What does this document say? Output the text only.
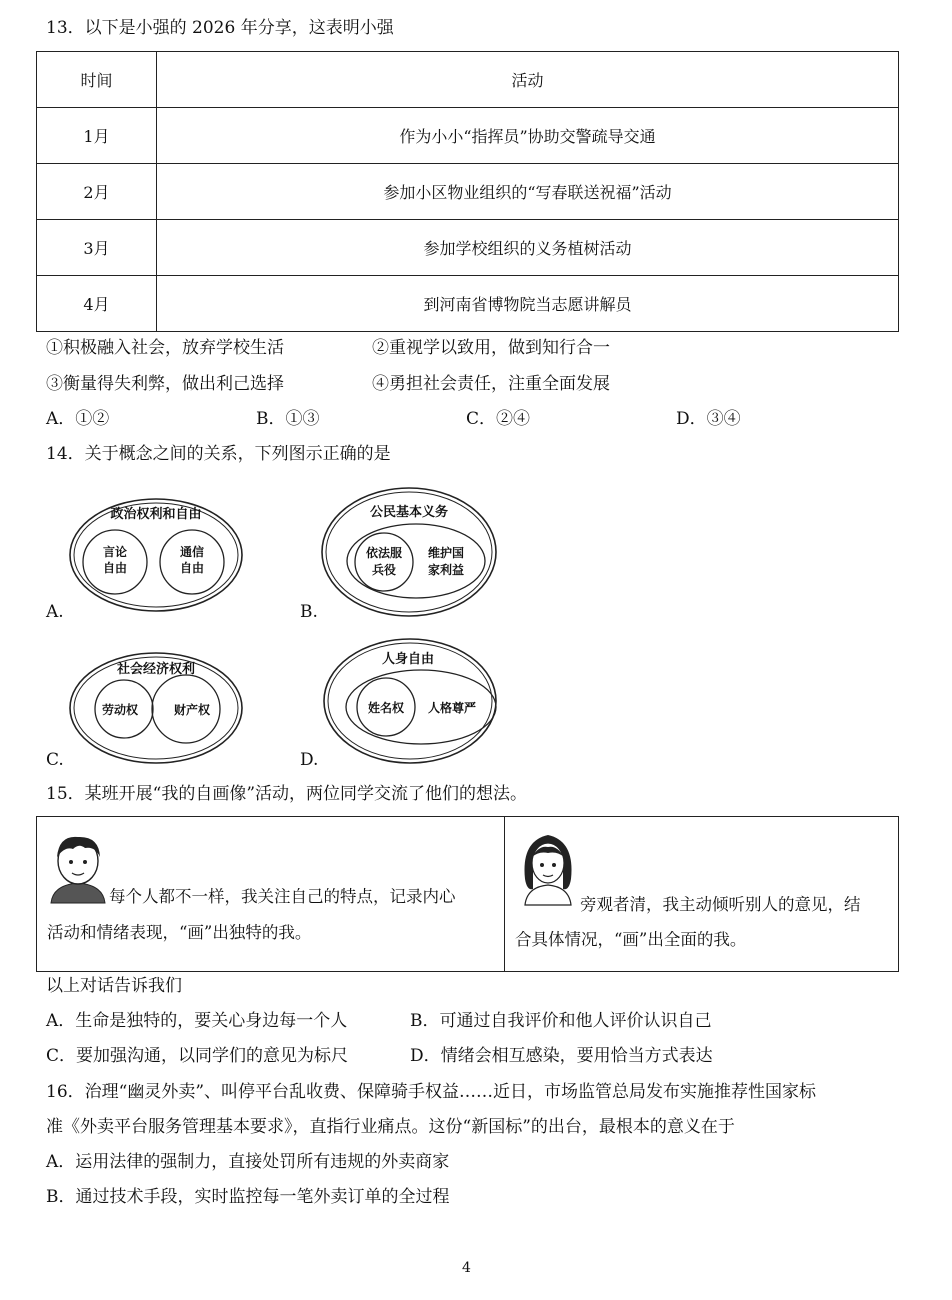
13．以下是小强的 2026 年分享，这表明小强
时间	活动
1月	作为小小“指挥员”协助交警疏导交通
2月	参加小区物业组织的“写春联送祝福”活动
3月	参加学校组织的义务植树活动
4月	到河南省博物院当志愿讲解员
①积极融入社会，放弃学校生活	②重视学以致用，做到知行合一
③衡量得失利弊，做出利己选择	④勇担社会责任，注重全面发展
A．①②	B．①③	C．②④	D．③④
14．关于概念之间的关系，下列图示正确的是
政治权利和自由
言论
自由
通信
自由
A.
公民基本义务
依法服
兵役
维护国
家利益
B.
社会经济权利
劳动权	财产权
C.
人身自由
姓名权 人格尊严
D.
15．某班开展“我的自画像”活动，两位同学交流了他们的想法。
每个人都不一样，我关注自己的特点，记录内心
活动和情绪表现，“画”出独特的我。
旁观者清，我主动倾听别人的意见，结
合具体情况，“画”出全面的我。
以上对话告诉我们
A．生命是独特的，要关心身边每一个人	B．可通过自我评价和他人评价认识自己
C．要加强沟通，以同学们的意见为标尺	D．情绪会相互感染，要用恰当方式表达
16．治理“幽灵外卖”、叫停平台乱收费、保障骑手权益……近日，市场监管总局发布实施推荐性国家标
准《外卖平台服务管理基本要求》，直指行业痛点。这份“新国标”的出台，最根本的意义在于
A．运用法律的强制力，直接处罚所有违规的外卖商家
B．通过技术手段，实时监控每一笔外卖订单的全过程
4
